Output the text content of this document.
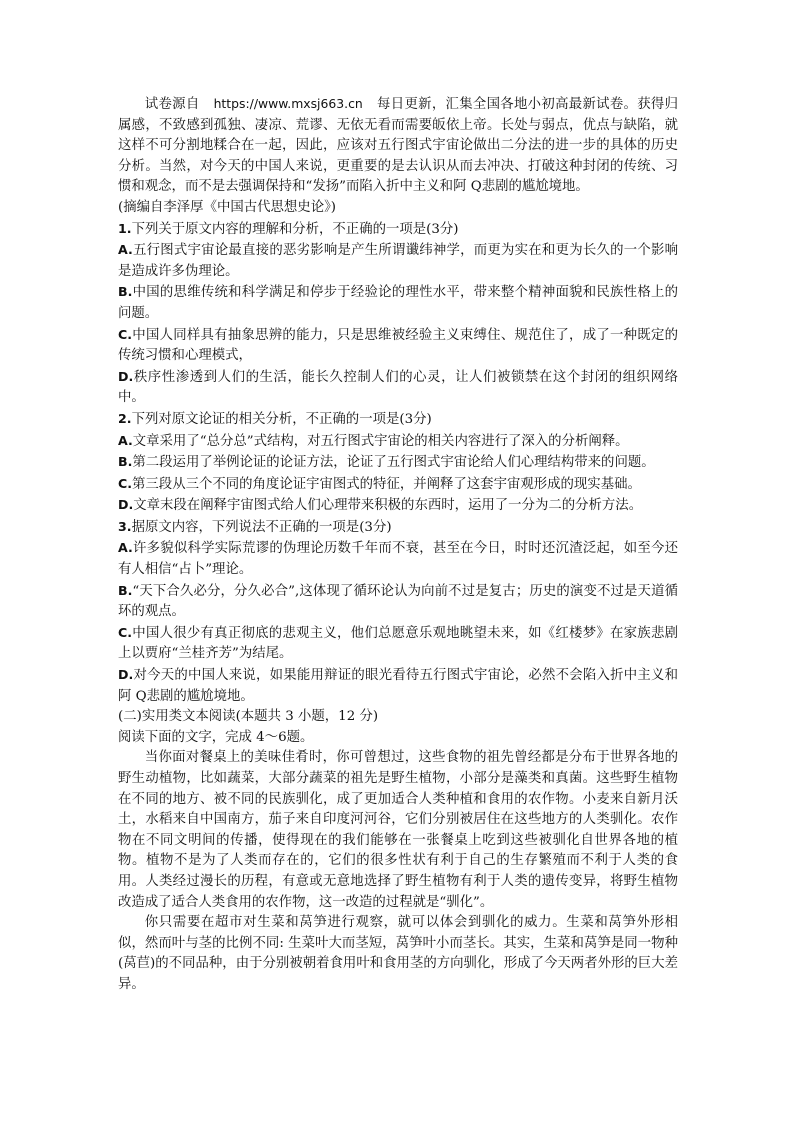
试卷源自 https://www.mxsj663.cn 每日更新，汇集全国各地小初高最新试卷。获得归属感，不致感到孤独、凄凉、荒谬、无依无看而需要皈依上帝。长处与弱点，优点与缺陷，就这样不可分割地糅合在一起，因此，应该对五行图式宇宙论做出二分法的进一步的具体的历史分析。当然，对今天的中国人来说，更重要的是去认识从而去冲决、打破这种封闭的传统、习惯和观念，而不是去强调保持和“发扬”而陷入折中主义和阿 Q悲剧的尴尬境地。

(摘编自李泽厚《中国古代思想史论》)

1.下列关于原文内容的理解和分析，不正确的一项是(3分)

A.五行图式宇宙论最直接的恶劣影响是产生所谓谶纬神学，而更为实在和更为长久的一个影响是造成许多伪理论。

B.中国的思维传统和科学满足和停步于经验论的理性水平，带来整个精神面貌和民族性格上的问题。

C.中国人同样具有抽象思辨的能力，只是思维被经验主义束缚住、规范住了，成了一种既定的传统习惯和心理模式，

D.秩序性渗透到人们的生活，能长久控制人们的心灵，让人们被锁禁在这个封闭的组织网络中。

2.下列对原文论证的相关分析，不正确的一项是(3分)

A.文章采用了“总分总”式结构，对五行图式宇宙论的相关内容进行了深入的分析阐释。

B.第二段运用了举例论证的论证方法，论证了五行图式宇宙论给人们心理结构带来的问题。

C.第三段从三个不同的角度论证宇宙图式的特征，并阐释了这套宇宙观形成的现实基础。

D.文章末段在阐释宇宙图式给人们心理带来积极的东西时，运用了一分为二的分析方法。

3.据原文内容，下列说法不正确的一项是(3分)

A.许多貌似科学实际荒谬的伪理论历数千年而不衰，甚至在今日，时时还沉渣泛起，如至今还有人相信“占卜”理论。

B.“天下合久必分，分久必合”,这体现了循环论认为向前不过是复古；历史的演变不过是天道循环的观点。

C.中国人很少有真正彻底的悲观主义，他们总愿意乐观地眺望未来，如《红楼梦》在家族悲剧上以贾府“兰桂齐芳”为结尾。

D.对今天的中国人来说，如果能用辩证的眼光看待五行图式宇宙论，必然不会陷入折中主义和阿 Q悲剧的尴尬境地。

(二)实用类文本阅读(本题共 3 小题，12 分)

阅读下面的文字，完成 4～6题。

当你面对餐桌上的美味佳肴时，你可曾想过，这些食物的祖先曾经都是分布于世界各地的野生动植物，比如蔬菜，大部分蔬菜的祖先是野生植物，小部分是藻类和真菌。这些野生植物在不同的地方、被不同的民族驯化，成了更加适合人类种植和食用的农作物。小麦来自新月沃土，水稻来自中国南方，茄子来自印度河河谷，它们分别被居住在这些地方的人类驯化。农作物在不同文明间的传播，使得现在的我们能够在一张餐桌上吃到这些被驯化自世界各地的植物。植物不是为了人类而存在的，它们的很多性状有利于自己的生存繁殖而不利于人类的食用。人类经过漫长的历程，有意或无意地选择了野生植物有利于人类的遗传变异，将野生植物改造成了适合人类食用的农作物，这一改造的过程就是“驯化”。

你只需要在超市对生菜和莴笋进行观察，就可以体会到驯化的威力。生菜和莴笋外形相似，然而叶与茎的比例不同: 生菜叶大而茎短，莴笋叶小而茎长。其实，生菜和莴笋是同一物种(莴苣)的不同品种，由于分别被朝着食用叶和食用茎的方向驯化，形成了今天两者外形的巨大差异。
